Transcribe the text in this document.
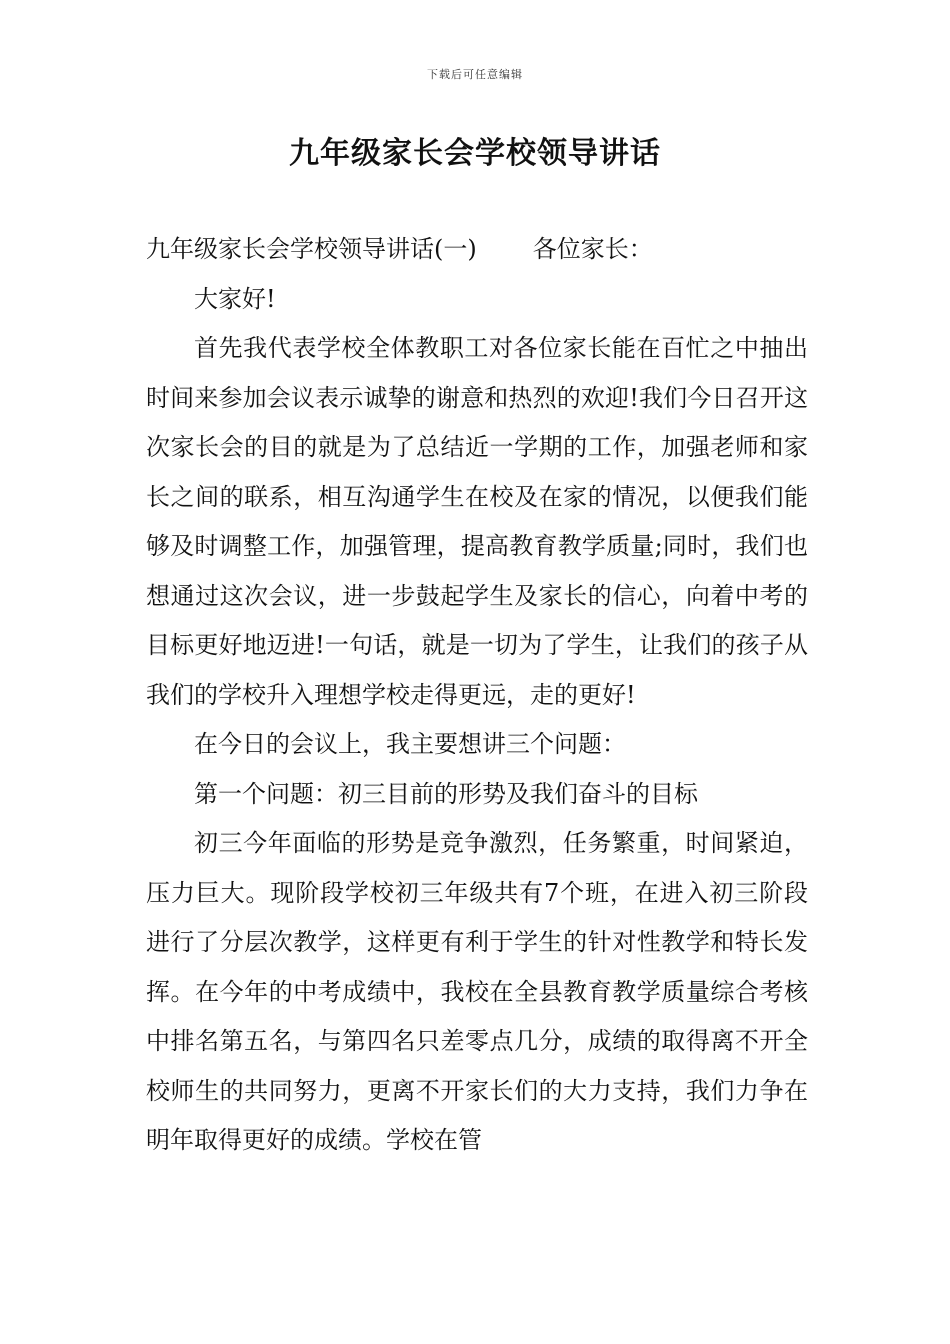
下载后可任意编辑
九年级家长会学校领导讲话

九年级家长会学校领导讲话(一) 各位家长：

大家好!

首先我代表学校全体教职工对各位家长能在百忙之中抽出时间来参加会议表示诚挚的谢意和热烈的欢迎!我们今日召开这次家长会的目的就是为了总结近一学期的工作，加强老师和家长之间的联系，相互沟通学生在校及在家的情况，以便我们能够及时调整工作，加强管理，提高教育教学质量;同时，我们也想通过这次会议，进一步鼓起学生及家长的信心，向着中考的目标更好地迈进!一句话，就是一切为了学生，让我们的孩子从我们的学校升入理想学校走得更远，走的更好!

在今日的会议上，我主要想讲三个问题：

第一个问题：初三目前的形势及我们奋斗的目标

初三今年面临的形势是竞争激烈，任务繁重，时间紧迫，压力巨大。现阶段学校初三年级共有7个班，在进入初三阶段进行了分层次教学，这样更有利于学生的针对性教学和特长发挥。在今年的中考成绩中，我校在全县教育教学质量综合考核中排名第五名，与第四名只差零点几分，成绩的取得离不开全校师生的共同努力，更离不开家长们的大力支持，我们力争在明年取得更好的成绩。学校在管
